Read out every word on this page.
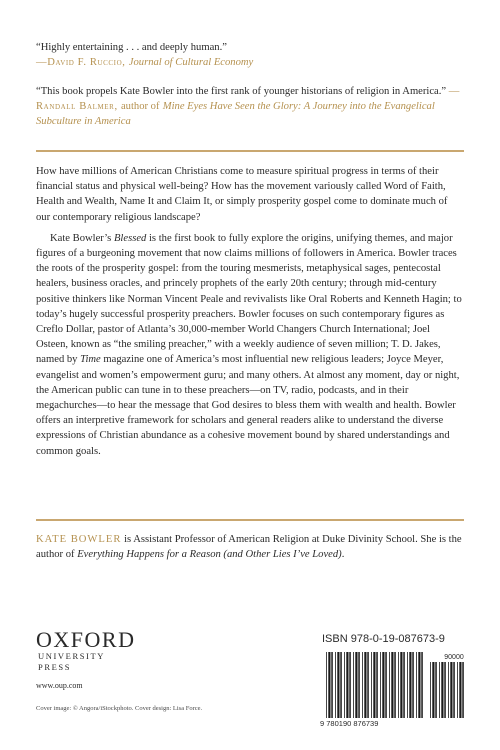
“Highly entertaining . . . and deeply human.”
—David F. Ruccio, Journal of Cultural Economy
“This book propels Kate Bowler into the first rank of younger historians of religion in America.” —Randall Balmer, author of Mine Eyes Have Seen the Glory: A Journey into the Evangelical Subculture in America

How have millions of American Christians come to measure spiritual progress in terms of their financial status and physical well-being? How has the movement variously called Word of Faith, Health and Wealth, Name It and Claim It, or simply prosperity gospel come to dominate much of our contemporary religious landscape?

Kate Bowler’s Blessed is the first book to fully explore the origins, unifying themes, and major figures of a burgeoning movement that now claims millions of followers in America. Bowler traces the roots of the prosperity gospel: from the touring mesmerists, metaphysical sages, pentecostal healers, business oracles, and princely prophets of the early 20th century; through mid-century positive thinkers like Norman Vincent Peale and revivalists like Oral Roberts and Kenneth Hagin; to today’s hugely successful prosperity preachers. Bowler focuses on such contemporary figures as Creflo Dollar, pastor of Atlanta’s 30,000-member World Changers Church International; Joel Osteen, known as “the smiling preacher,” with a weekly audience of seven million; T. D. Jakes, named by Time magazine one of America’s most influential new religious leaders; Joyce Meyer, evangelist and women’s empowerment guru; and many others. At almost any moment, day or night, the American public can tune in to these preachers—on TV, radio, podcasts, and in their megachurches—to hear the message that God desires to bless them with wealth and health. Bowler offers an interpretive framework for scholars and general readers alike to understand the diverse expressions of Christian abundance as a cohesive movement bound by shared understandings and common goals.

KATE BOWLER is Assistant Professor of American Religion at Duke Divinity School. She is the author of Everything Happens for a Reason (and Other Lies I’ve Loved).
OXFORD
UNIVERSITY PRESS
www.oup.com
Cover image: © Angora/iStockphoto. Cover design: Lisa Force.
ISBN 978-0-19-087673-9
90000
9 780190 876739
